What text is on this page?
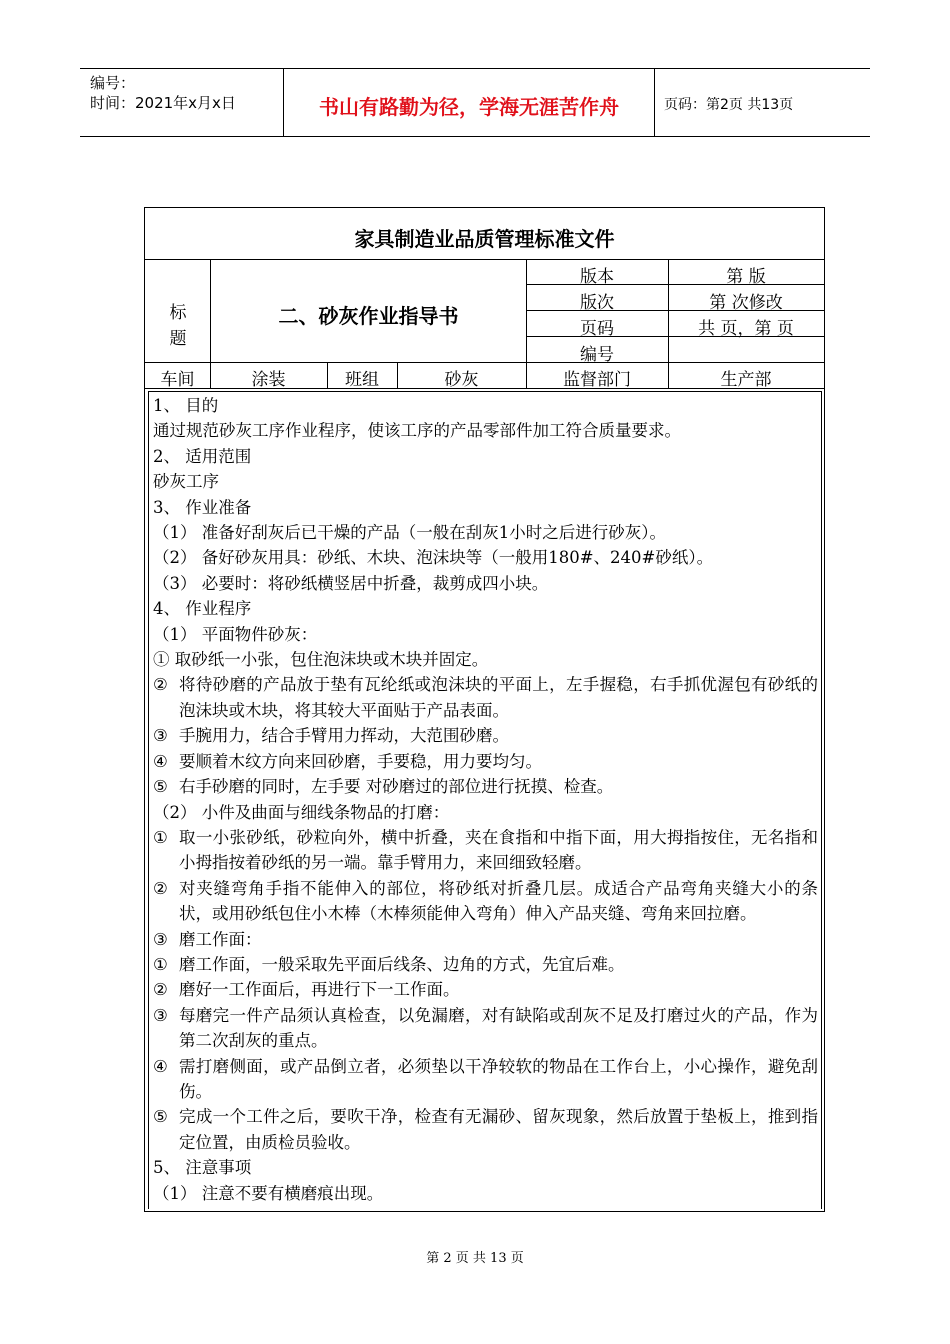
编号：
时间：2021年x月x日	书山有路勤为径，学海无涯苦作舟	页码：第2页 共13页
家具制造业品质管理标准文件
标题
二、砂灰作业指导书
版本	第 版
版次	第 次修改
页码	共 页，第 页
编号
车间	涂装	班组	砂灰	监督部门	生产部
1、 目的
通过规范砂灰工序作业程序，使该工序的产品零部件加工符合质量要求。
2、 适用范围
砂灰工序
3、 作业准备
（1） 准备好刮灰后已干燥的产品（一般在刮灰1小时之后进行砂灰）。
（2） 备好砂灰用具：砂纸、木块、泡沫块等（一般用180#、240#砂纸）。
（3） 必要时：将砂纸横竖居中折叠，裁剪成四小块。
4、 作业程序
（1） 平面物件砂灰：
① 取砂纸一小张，包住泡沫块或木块并固定。
② 将待砂磨的产品放于垫有瓦纶纸或泡沫块的平面上，左手握稳，右手抓优渥包有砂纸的泡沫块或木块，将其较大平面贴于产品表面。
③ 手腕用力，结合手臂用力挥动，大范围砂磨。
④ 要顺着木纹方向来回砂磨，手要稳，用力要均匀。
⑤ 右手砂磨的同时，左手要 对砂磨过的部位进行抚摸、检查。
（2） 小件及曲面与细线条物品的打磨：
① 取一小张砂纸，砂粒向外，横中折叠，夹在食指和中指下面，用大拇指按住，无名指和小拇指按着砂纸的另一端。靠手臂用力，来回细致轻磨。
② 对夹缝弯角手指不能伸入的部位，将砂纸对折叠几层。成适合产品弯角夹缝大小的条状，或用砂纸包住小木棒（木棒须能伸入弯角）伸入产品夹缝、弯角来回拉磨。
③ 磨工作面：
① 磨工作面，一般采取先平面后线条、边角的方式，先宜后难。
② 磨好一工作面后，再进行下一工作面。
③ 每磨完一件产品须认真检查，以免漏磨，对有缺陷或刮灰不足及打磨过火的产品，作为第二次刮灰的重点。
④ 需打磨侧面，或产品倒立者，必须垫以干净较软的物品在工作台上，小心操作，避免刮伤。
⑤ 完成一个工件之后，要吹干净，检查有无漏砂、留灰现象，然后放置于垫板上，推到指定位置，由质检员验收。
5、 注意事项
（1） 注意不要有横磨痕出现。
第 2 页 共 13 页
